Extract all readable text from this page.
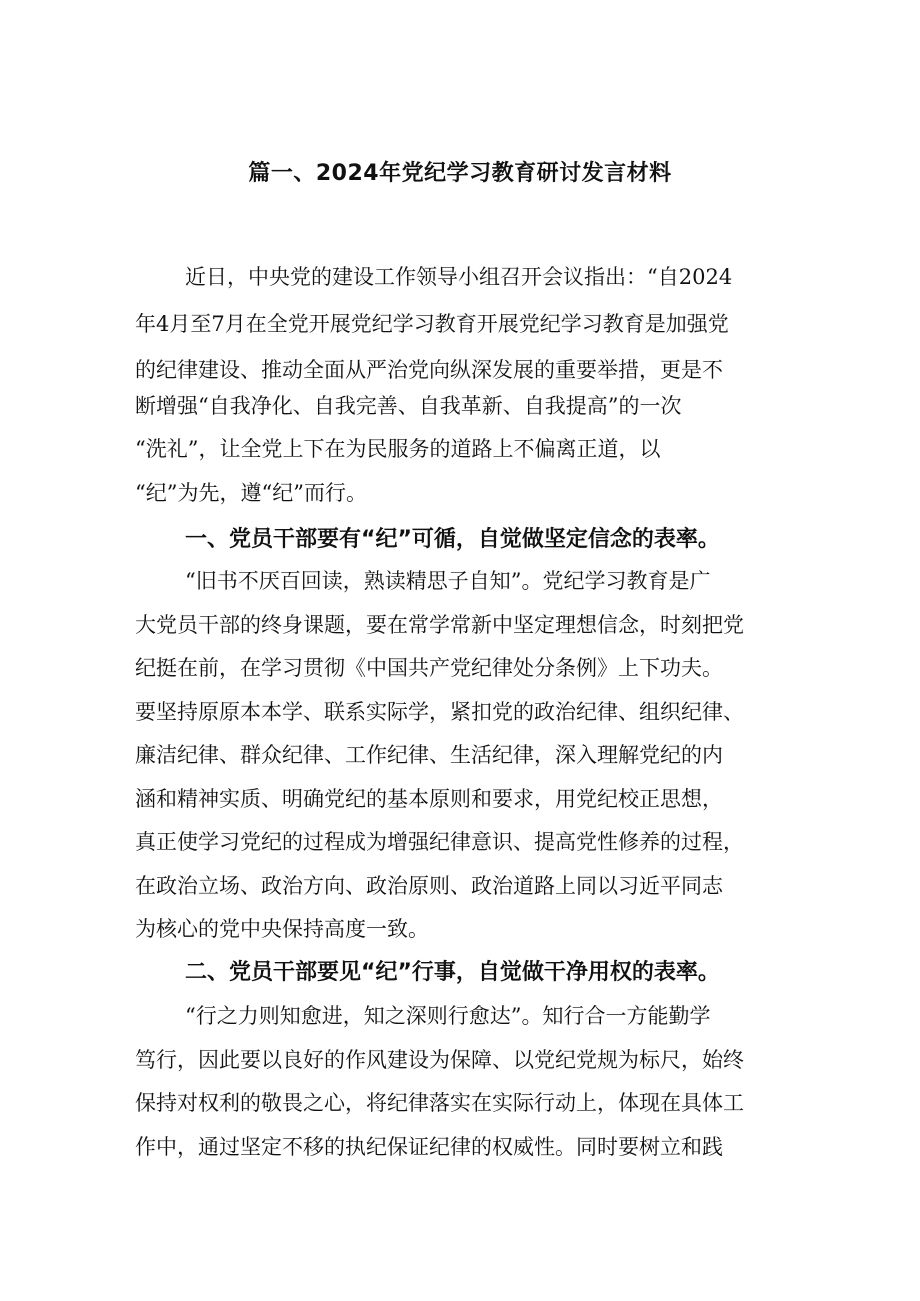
篇一、2024年党纪学习教育研讨发言材料

近日，中央党的建设工作领导小组召开会议指出：“自2024

年4月至7月在全党开展党纪学习教育开展党纪学习教育是加强党

的纪律建设、推动全面从严治党向纵深发展的重要举措，更是不

断增强“自我净化、自我完善、自我革新、自我提高”的一次

“洗礼”，让全党上下在为民服务的道路上不偏离正道，以

“纪”为先，遵“纪”而行。

一、党员干部要有“纪”可循，自觉做坚定信念的表率。

“旧书不厌百回读，熟读精思子自知”。党纪学习教育是广

大党员干部的终身课题，要在常学常新中坚定理想信念，时刻把党

纪挺在前，在学习贯彻《中国共产党纪律处分条例》上下功夫。

要坚持原原本本学、联系实际学，紧扣党的政治纪律、组织纪律、

廉洁纪律、群众纪律、工作纪律、生活纪律，深入理解党纪的内

涵和精神实质、明确党纪的基本原则和要求，用党纪校正思想，

真正使学习党纪的过程成为增强纪律意识、提高党性修养的过程，

在政治立场、政治方向、政治原则、政治道路上同以习近平同志

为核心的党中央保持高度一致。

二、党员干部要见“纪”行事，自觉做干净用权的表率。

“行之力则知愈进，知之深则行愈达”。知行合一方能勤学

笃行，因此要以良好的作风建设为保障、以党纪党规为标尺，始终

保持对权利的敬畏之心，将纪律落实在实际行动上，体现在具体工

作中，通过坚定不移的执纪保证纪律的权威性。同时要树立和践
